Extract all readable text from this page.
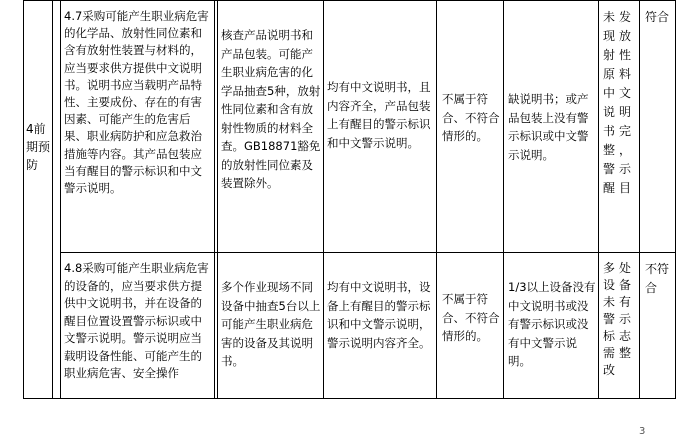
4前期预防
4.7采购可能产生职业病危害的化学品、放射性同位素和含有放射性装置与材料的，应当要求供方提供中文说明书。说明书应当载明产品特性、主要成份、存在的有害因素、可能产生的危害后果、职业病防护和应急救治措施等内容。其产品包装应当有醒目的警示标识和中文警示说明。
核查产品说明书和产品包装。可能产生职业病危害的化学品抽查5种，放射性同位素和含有放射性物质的材料全查。GB18871豁免的放射性同位素及装置除外。
均有中文说明书，且内容齐全，产品包装上有醒目的警示标识和中文警示说明。
不属于符合、不符合情形的。
缺说明书；或产品包装上没有警示标识或中文警示说明。
未发现放射性原料中文说明书完整，警示醒目
符合
4.8采购可能产生职业病危害的设备的，应当要求供方提供中文说明书，并在设备的醒目位置设置警示标识或中文警示说明。警示说明应当载明设备性能、可能产生的职业病危害、安全操作
多个作业现场不同设备中抽查5台以上可能产生职业病危害的设备及其说明书。
均有中文说明书，设备上有醒目的警示标识和中文警示说明，警示说明内容齐全。
不属于符合、不符合情形的。
1/3以上设备没有中文说明书或没有警示标识或没有中文警示说明。
多处设备未有警示标志需整改
不符合
3
